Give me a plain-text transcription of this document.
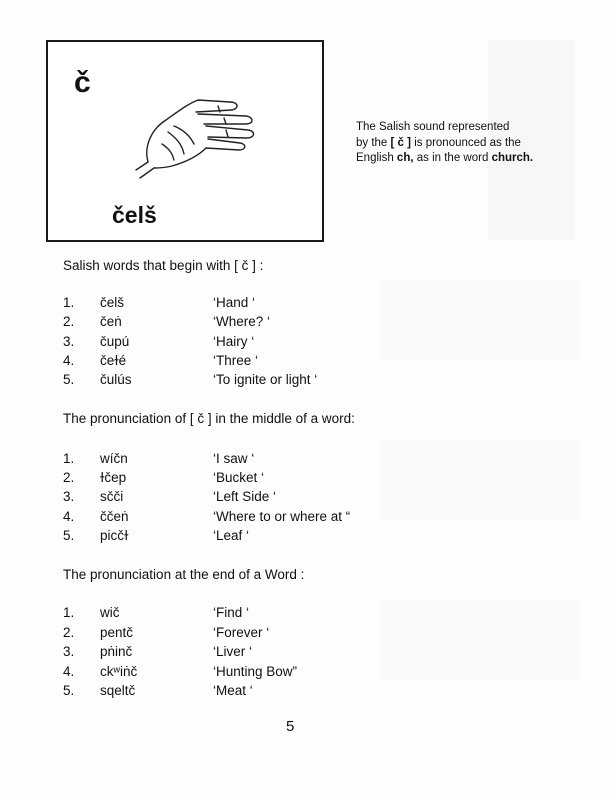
č
čelš
The Salish sound represented
by the [ č ] is pronounced as the
English ch, as in the word church.
Salish words that begin with [ č ] :
1.	čelš	‘Hand ‘
2.	čeṅ	‘Where? ‘
3.	čupú	‘Hairy ‘
4.	čeɫé	‘Three ‘
5.	čulús	‘To ignite or light ‘
The pronunciation of [ č ] in the middle of a word:
1.	wíčn	‘I saw ‘
2.	ɫčep	‘Bucket ‘
3.	sčči	‘Left Side ‘
4.	ččeṅ	‘Where to or where at “
5.	picčɫ	‘Leaf ‘
The pronunciation at the end of a Word :
1.	wič	‘Find ‘
2.	pentč	‘Forever ‘
3.	pṅinč	‘Liver ‘
4.	ckʷiṅč	‘Hunting Bow”
5.	sqeltč	‘Meat ‘
5
